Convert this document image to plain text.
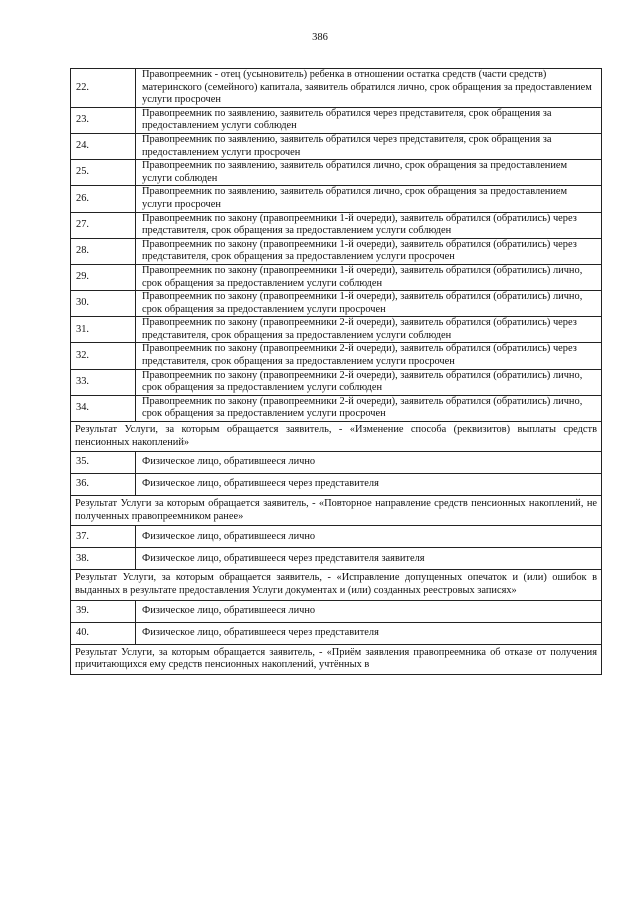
386
22.	Правопреемник - отец (усыновитель) ребенка в отношении остатка средств (части средств) материнского (семейного) капитала, заявитель обратился лично, срок обращения за предоставлением услуги просрочен
23.	Правопреемник по заявлению, заявитель обратился через представителя, срок обращения за предоставлением услуги соблюден
24.	Правопреемник по заявлению, заявитель обратился через представителя, срок обращения за предоставлением услуги просрочен
25.	Правопреемник по заявлению, заявитель обратился лично, срок обращения за предоставлением услуги соблюден
26.	Правопреемник по заявлению, заявитель обратился лично, срок обращения за предоставлением услуги просрочен
27.	Правопреемник по закону (правопреемники 1-й очереди), заявитель обратился (обратились) через представителя, срок обращения за предоставлением услуги соблюден
28.	Правопреемник по закону (правопреемники 1-й очереди), заявитель обратился (обратились) через представителя, срок обращения за предоставлением услуги просрочен
29.	Правопреемник по закону (правопреемники 1-й очереди), заявитель обратился (обратились) лично, срок обращения за предоставлением услуги соблюден
30.	Правопреемник по закону (правопреемники 1-й очереди), заявитель обратился (обратились) лично, срок обращения за предоставлением услуги просрочен
31.	Правопреемник по закону (правопреемники 2-й очереди), заявитель обратился (обратились) через представителя, срок обращения за предоставлением услуги соблюден
32.	Правопреемник по закону (правопреемники 2-й очереди), заявитель обратился (обратились) через представителя, срок обращения за предоставлением услуги просрочен
33.	Правопреемник по закону (правопреемники 2-й очереди), заявитель обратился (обратились) лично, срок обращения за предоставлением услуги соблюден
34.	Правопреемник по закону (правопреемники 2-й очереди), заявитель обратился (обратились) лично, срок обращения за предоставлением услуги просрочен
Результат Услуги, за которым обращается заявитель, - «Изменение способа (реквизитов) выплаты средств пенсионных накоплений»	
35.	Физическое лицо, обратившееся лично
36.	Физическое лицо, обратившееся через представителя
Результат Услуги за которым обращается заявитель, - «Повторное направление средств пенсионных накоплений, не полученных правопреемником ранее»	
37.	Физическое лицо, обратившееся лично
38.	Физическое лицо, обратившееся через представителя заявителя
Результат Услуги, за которым обращается заявитель, - «Исправление допущенных опечаток и (или) ошибок в выданных в результате предоставления Услуги документах и (или) созданных реестровых записях»	
39.	Физическое лицо, обратившееся лично
40.	Физическое лицо, обратившееся через представителя
Результат Услуги, за которым обращается заявитель, - «Приём заявления правопреемника об отказе от получения причитающихся ему средств пенсионных накоплений, учтённых в	
